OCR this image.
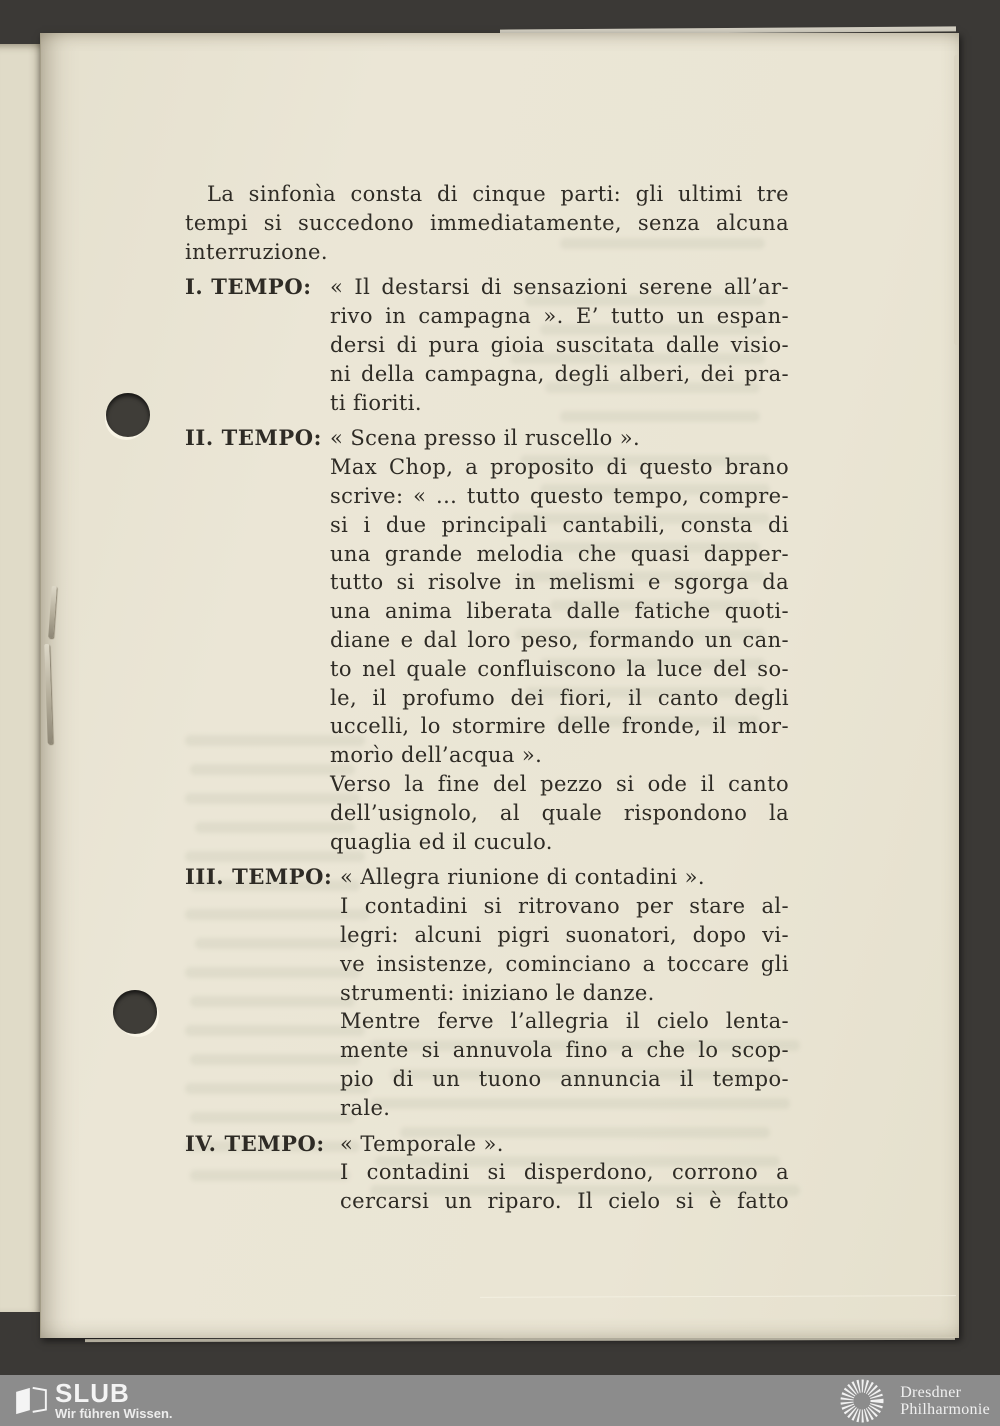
La sinfonìa consta di cinque parti: gli ultimi tre
tempi si succedono immediatamente, senza alcuna
interruzione.
I. TEMPO: « Il destarsi di sensazioni serene all’ar-
rivo in campagna ». E’ tutto un espan-
dersi di pura gioia suscitata dalle visio-
ni della campagna, degli alberi, dei pra-
ti fioriti.
II. TEMPO: « Scena presso il ruscello ».
Max Chop, a proposito di questo brano
scrive: « ... tutto questo tempo, compre-
si i due principali cantabili, consta di
una grande melodia che quasi dapper-
tutto si risolve in melismi e sgorga da
una anima liberata dalle fatiche quoti-
diane e dal loro peso, formando un can-
to nel quale confluiscono la luce del so-
le, il profumo dei fiori, il canto degli
uccelli, lo stormire delle fronde, il mor-
morìo dell’acqua ».
Verso la fine del pezzo si ode il canto
dell’usignolo, al quale rispondono la
quaglia ed il cuculo.
III. TEMPO: « Allegra riunione di contadini ».
I contadini si ritrovano per stare al-
legri: alcuni pigri suonatori, dopo vi-
ve insistenze, cominciano a toccare gli
strumenti: iniziano le danze.
Mentre ferve l’allegria il cielo lenta-
mente si annuvola fino a che lo scop-
pio di un tuono annuncia il tempo-
rale.
IV. TEMPO: « Temporale ».
I contadini si disperdono, corrono a
cercarsi un riparo. Il cielo si è fatto
SLUB
Wir führen Wissen.
Dresdner
Philharmonie
